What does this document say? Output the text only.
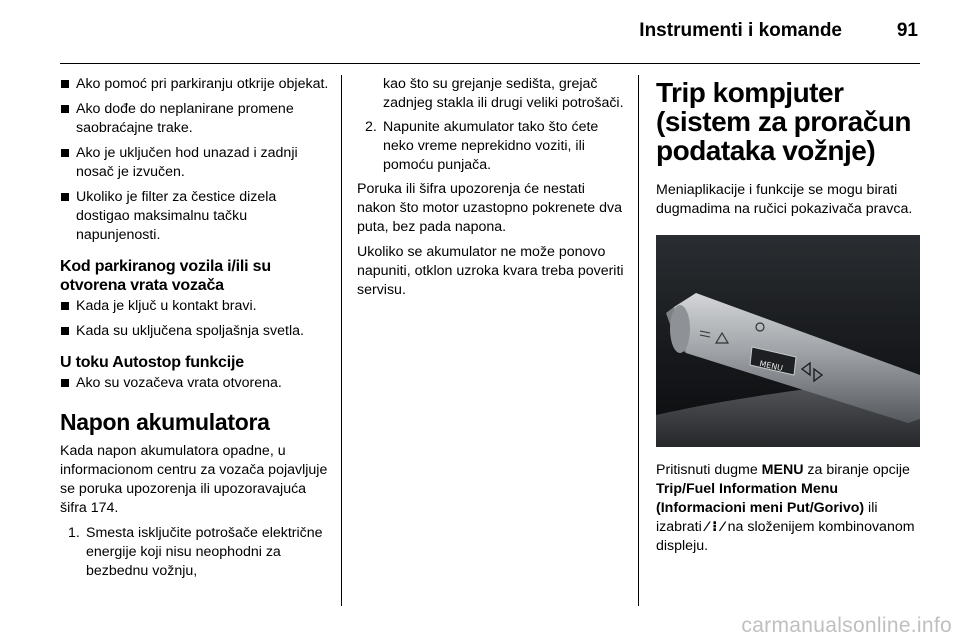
Instrumenti i komande	91
Ako pomoć pri parkiranju otkrije objekat.
Ako dođe do neplanirane promene saobraćajne trake.
Ako je uključen hod unazad i zadnji nosač je izvučen.
Ukoliko je filter za čestice dizela dostigao maksimalnu tačku napunjenosti.
Kod parkiranog vozila i/ili su otvorena vrata vozača
Kada je ključ u kontakt bravi.
Kada su uključena spoljašnja svetla.
U toku Autostop funkcije
Ako su vozačeva vrata otvorena.
Napon akumulatora

Kada napon akumulatora opadne, u informacionom centru za vozača pojavljuje se poruka upozorenja ili upozoravajuća šifra 174.

1. Smesta isključite potrošače električne energije koji nisu neophodni za bezbednu vožnju,
kao što su grejanje sedišta, grejač zadnjeg stakla ili drugi veliki potrošači.
2. Napunite akumulator tako što ćete neko vreme neprekidno voziti, ili pomoću punjača.

Poruka ili šifra upozorenja će nestati nakon što motor uzastopno pokrenete dva puta, bez pada napona.

Ukoliko se akumulator ne može ponovo napuniti, otklon uzroka kvara treba poveriti servisu.

Trip kompjuter (sistem za proračun podataka vožnje)

Meniaplikacije i funkcije se mogu birati dugmadima na ručici pokazivača pravca.

MENU

Pritisnuti dugme MENU za biranje opcije Trip/Fuel Information Menu (Informacioni meni Put/Gorivo) ili izabrati ⁄ ⁝ ⁄ na složenijem kombinovanom displeju.

carmanualsonline.info
